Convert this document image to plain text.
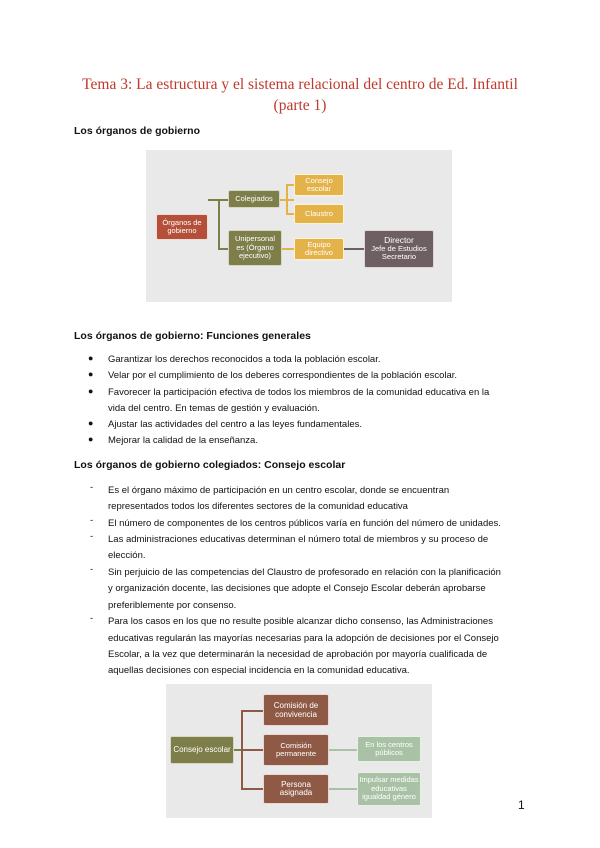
Tema 3: La estructura y el sistema relacional del centro de Ed. Infantil
(parte 1)
Los órganos de gobierno
Órganos de gobierno
Colegiados
Consejo escolar
Claustro
Unipersonal es (Órgano ejecutivo)
Equipo directivo
Director
Jefe de Estudios
Secretario
Los órganos de gobierno: Funciones generales
● Garantizar los derechos reconocidos a toda la población escolar.
● Velar por el cumplimiento de los deberes correspondientes de la población escolar.
● Favorecer la participación efectiva de todos los miembros de la comunidad educativa en la
vida del centro. En temas de gestión y evaluación.
● Ajustar las actividades del centro a las leyes fundamentales.
● Mejorar la calidad de la enseñanza.
Los órganos de gobierno colegiados: Consejo escolar
- Es el órgano máximo de participación en un centro escolar, donde se encuentran
representados todos los diferentes sectores de la comunidad educativa
- El número de componentes de los centros públicos varía en función del número de unidades.
- Las administraciones educativas determinan el número total de miembros y su proceso de
elección.
- Sin perjuicio de las competencias del Claustro de profesorado en relación con la planificación
y organización docente, las decisiones que adopte el Consejo Escolar deberán aprobarse
preferiblemente por consenso.
- Para los casos en los que no resulte posible alcanzar dicho consenso, las Administraciones
educativas regularán las mayorías necesarias para la adopción de decisiones por el Consejo
Escolar, a la vez que determinarán la necesidad de aprobación por mayoría cualificada de
aquellas decisiones con especial incidencia en la comunidad educativa.
Consejo escolar
Comisión de convivencia
Comisión permanente
Persona asignada
En los centros públicos
Impulsar medidas educativas igualdad género
1
